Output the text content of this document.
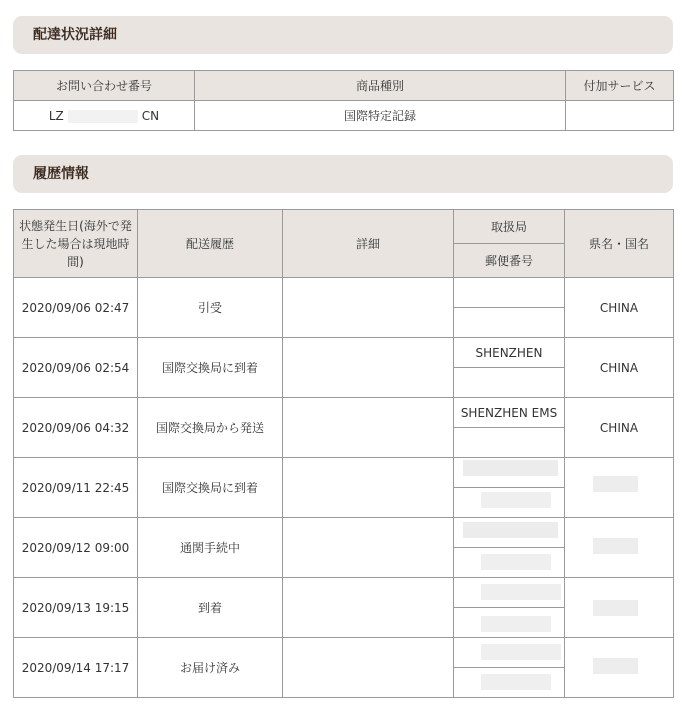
配達状況詳細
お問い合わせ番号	商品種別	付加サービス
LZ CN	国際特定記録	
履歴情報
状態発生日(海外で発生した場合は現地時間)	配送履歴	詳細	取扱局	県名・国名
			郵便番号	
2020/09/06 02:47	引受			CHINA

2020/09/06 02:54	国際交換局に到着		SHENZHEN	CHINA

2020/09/06 04:32	国際交換局から発送		SHENZHEN EMS	CHINA

2020/09/11 22:45	国際交換局に到着			

2020/09/12 09:00	通関手続中			

2020/09/13 19:15	到着			

2020/09/14 17:17	お届け済み			
